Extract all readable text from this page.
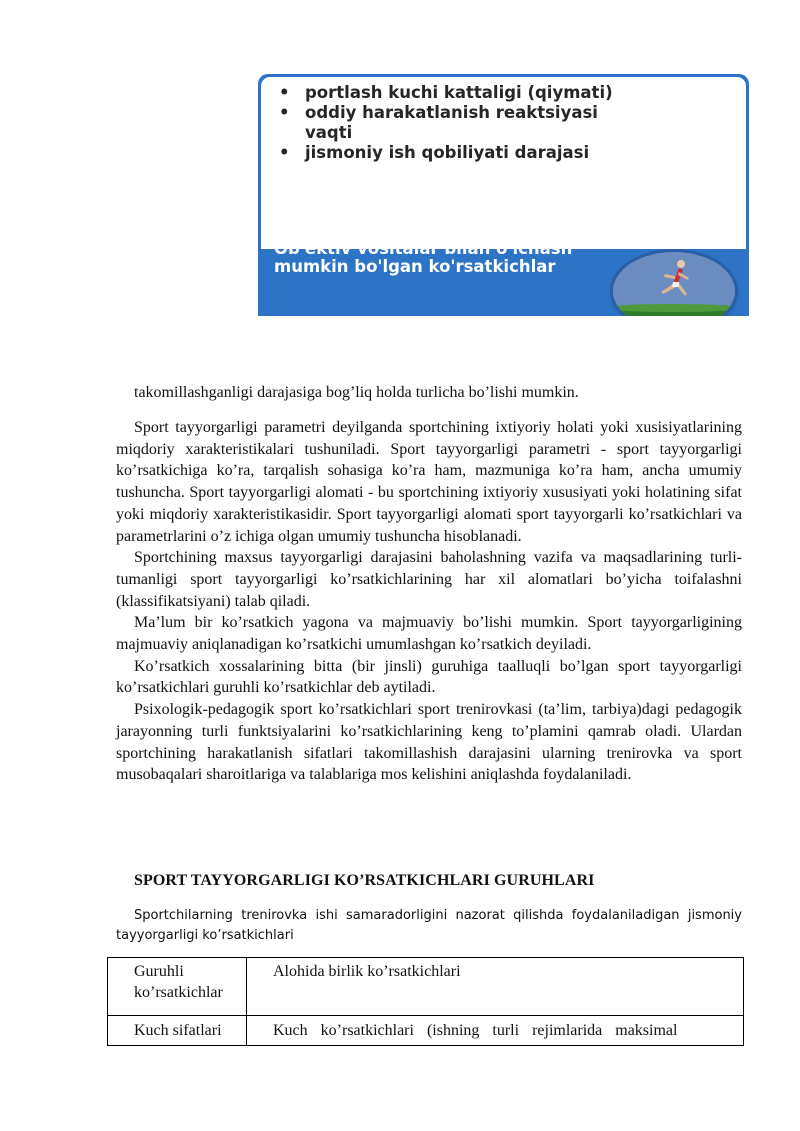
• portlash kuchi kattaligi (qiymati)
• oddiy harakatlanish reaktsiyasi vaqti
• jismoniy ish qobiliyati darajasi
Ob'ektiv vositalar bilan o'lchash mumkin bo'lgan ko'rsatkichlar

takomillashganligi darajasiga bog’liq holda turlicha bo’lishi mumkin.

Sport tayyorgarligi parametri deyilganda sportchining ixtiyoriy holati yoki xusisiyatlarining miqdoriy xarakteristikalari tushuniladi. Sport tayyorgarligi parametri - sport tayyorgarligi ko’rsatkichiga ko’ra, tarqalish sohasiga ko’ra ham, mazmuniga ko’ra ham, ancha umumiy tushuncha. Sport tayyorgarligi alomati - bu sportchining ixtiyoriy xususiyati yoki holatining sifat yoki miqdoriy xarakteristikasidir. Sport tayyorgarligi alomati sport tayyorgarli ko’rsatkichlari va parametrlarini o’z ichiga olgan umumiy tushuncha hisoblanadi.

Sportchining maxsus tayyorgarligi darajasini baholashning vazifa va maqsadlarining turli-tumanligi sport tayyorgarligi ko’rsatkichlarining har xil alomatlari bo’yicha toifalashni (klassifikatsiyani) talab qiladi.

Ma’lum bir ko’rsatkich yagona va majmuaviy bo’lishi mumkin. Sport tayyorgarligining majmuaviy aniqlanadigan ko’rsatkichi umumlashgan ko’rsatkich deyiladi.

Ko’rsatkich xossalarining bitta (bir jinsli) guruhiga taalluqli bo’lgan sport tayyorgarligi ko’rsatkichlari guruhli ko’rsatkichlar deb aytiladi.

Psixologik-pedagogik sport ko’rsatkichlari sport trenirovkasi (ta’lim, tarbiya)dagi pedagogik jarayonning turli funktsiyalarini ko’rsatkichlarining keng to’plamini qamrab oladi. Ulardan sportchining harakatlanish sifatlari takomillashish darajasini ularning trenirovka va sport musobaqalari sharoitlariga va talablariga mos kelishini aniqlashda foydalaniladi.

SPORT TAYYORGARLIGI KO’RSATKICHLARI GURUHLARI
Sportchilarning trenirovka ishi samaradorligini nazorat qilishda foydalaniladigan jismoniy tayyorgarligi ko’rsatkichlari
Guruhli ko’rsatkichlar	Alohida birlik ko’rsatkichlari

Kuch sifatlari	Kuch ko’rsatkichlari (ishning turli rejimlarida maksimal
